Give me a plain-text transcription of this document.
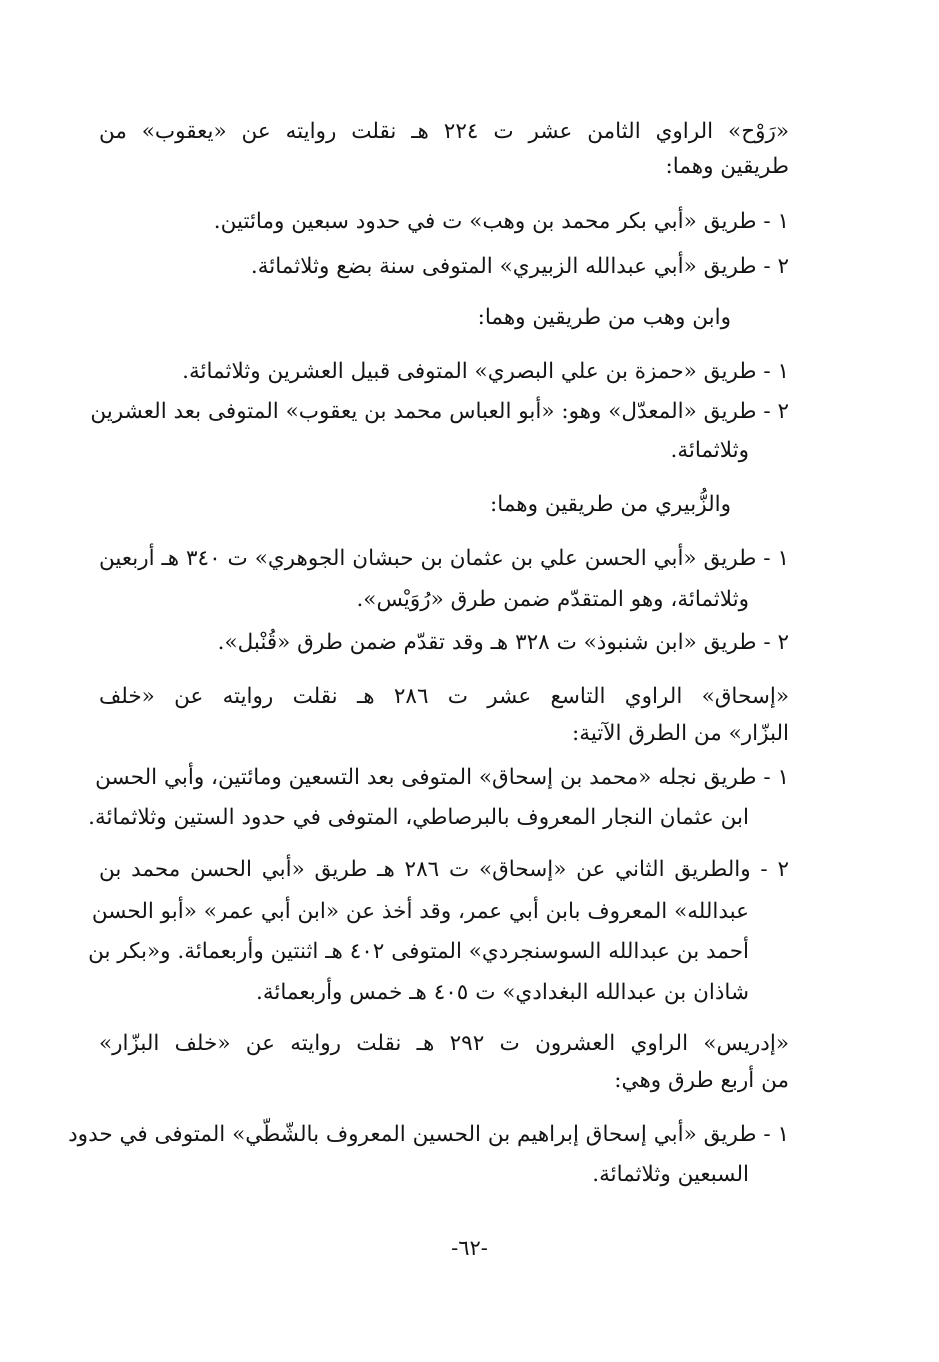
«رَوْح» الراوي الثامن عشر ت ٢٢٤ هـ نقلت روايته عن «يعقوب» من
طريقين وهما:
١ - طريق «أبي بكر محمد بن وهب» ت في حدود سبعين ومائتين.
٢ - طريق «أبي عبدالله الزبيري» المتوفى سنة بضع وثلاثمائة.
وابن وهب من طريقين وهما:
١ - طريق «حمزة بن علي البصري» المتوفى قبيل العشرين وثلاثمائة.
٢ - طريق «المعدّل» وهو: «أبو العباس محمد بن يعقوب» المتوفى بعد العشرين
وثلاثمائة.
والزُّبيري من طريقين وهما:
١ - طريق «أبي الحسن علي بن عثمان بن حبشان الجوهري» ت ٣٤٠ هـ أربعين
وثلاثمائة، وهو المتقدّم ضمن طرق «رُوَيْس».
٢ - طريق «ابن شنبوذ» ت ٣٢٨ هـ وقد تقدّم ضمن طرق «قُنْبل».
«إسحاق» الراوي التاسع عشر ت ٢٨٦ هـ نقلت روايته عن «خلف
البزّار» من الطرق الآتية:
١ - طريق نجله «محمد بن إسحاق» المتوفى بعد التسعين ومائتين، وأبي الحسن
ابن عثمان النجار المعروف بالبرصاطي، المتوفى في حدود الستين وثلاثمائة.
٢ - والطريق الثاني عن «إسحاق» ت ٢٨٦ هـ طريق «أبي الحسن محمد بن
عبدالله» المعروف بابن أبي عمر، وقد أخذ عن «ابن أبي عمر» «أبو الحسن
أحمد بن عبدالله السوسنجردي» المتوفى ٤٠٢ هـ اثنتين وأربعمائة. و«بكر بن
شاذان بن عبدالله البغدادي» ت ٤٠٥ هـ خمس وأربعمائة.
«إدريس» الراوي العشرون ت ٢٩٢ هـ نقلت روايته عن «خلف البزّار»
من أربع طرق وهي:
١ - طريق «أبي إسحاق إبراهيم بن الحسين المعروف بالشّطّي» المتوفى في حدود
السبعين وثلاثمائة.
-٦٢-
